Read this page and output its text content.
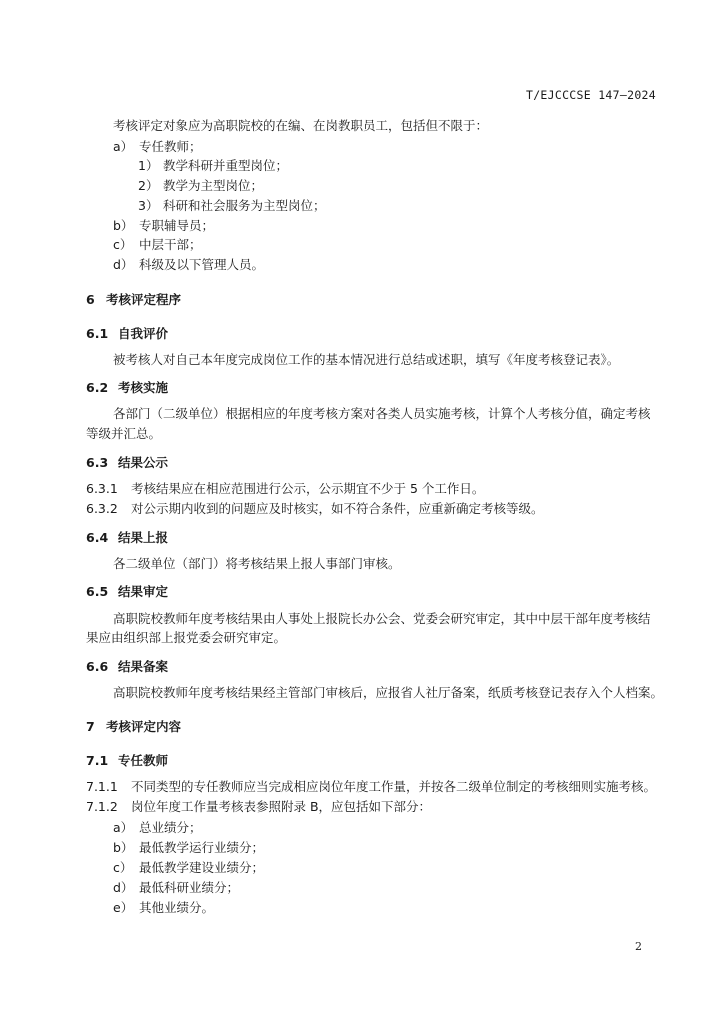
T/EJCCCSE 147—2024
考核评定对象应为高职院校的在编、在岗教职员工，包括但不限于：
a） 专任教师；
1） 教学科研并重型岗位；
2） 教学为主型岗位；
3） 科研和社会服务为主型岗位；
b） 专职辅导员；
c） 中层干部；
d） 科级及以下管理人员。
6 考核评定程序
6.1 自我评价
被考核人对自己本年度完成岗位工作的基本情况进行总结或述职，填写《年度考核登记表》。
6.2 考核实施
各部门（二级单位）根据相应的年度考核方案对各类人员实施考核，计算个人考核分值，确定考核
等级并汇总。
6.3 结果公示
6.3.1 考核结果应在相应范围进行公示，公示期宜不少于 5 个工作日。
6.3.2 对公示期内收到的问题应及时核实，如不符合条件，应重新确定考核等级。
6.4 结果上报
各二级单位（部门）将考核结果上报人事部门审核。
6.5 结果审定
高职院校教师年度考核结果由人事处上报院长办公会、党委会研究审定，其中中层干部年度考核结
果应由组织部上报党委会研究审定。
6.6 结果备案
高职院校教师年度考核结果经主管部门审核后，应报省人社厅备案，纸质考核登记表存入个人档案。
7 考核评定内容
7.1 专任教师
7.1.1 不同类型的专任教师应当完成相应岗位年度工作量，并按各二级单位制定的考核细则实施考核。
7.1.2 岗位年度工作量考核表参照附录 B，应包括如下部分：
a） 总业绩分；
b） 最低教学运行业绩分；
c） 最低教学建设业绩分；
d） 最低科研业绩分；
e） 其他业绩分。
2
